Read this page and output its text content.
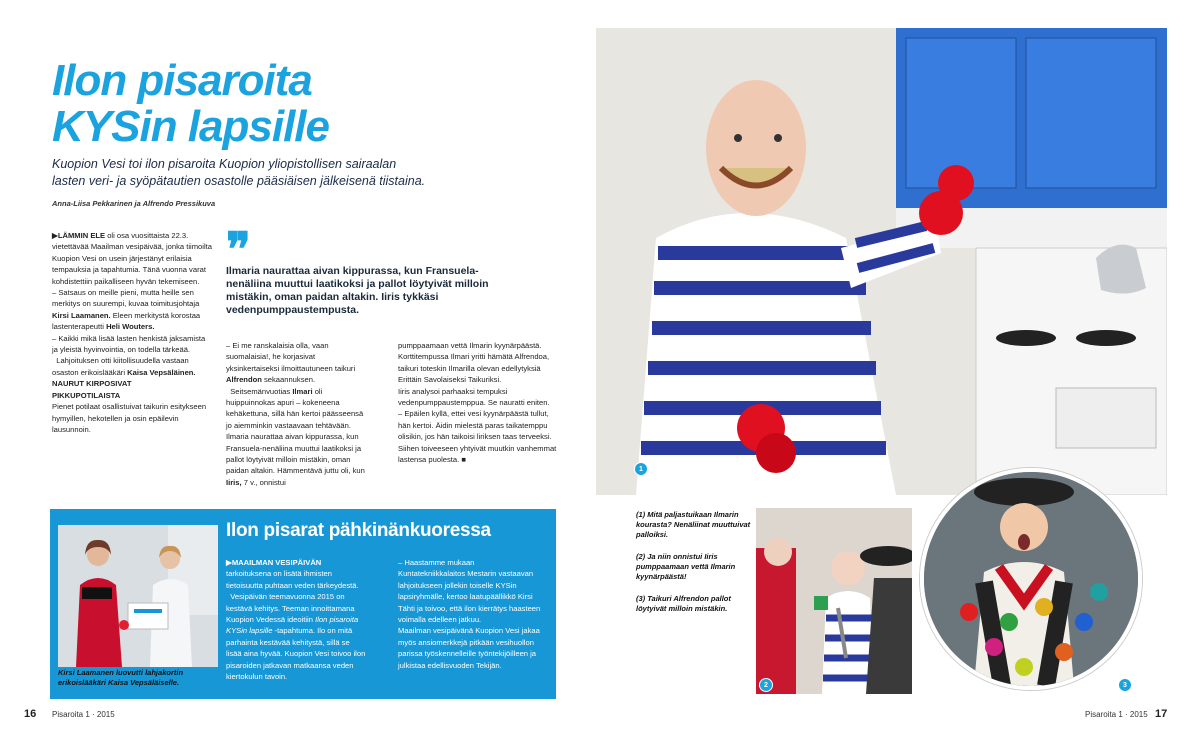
Ilon pisaroita
KYSin lapsille
Kuopion Vesi toi ilon pisaroita Kuopion yliopistollisen sairaalan lasten veri- ja syöpätautien osastolle pääsiäisen jälkeisenä tiistaina.
Anna-Liisa Pekkarinen ja Alfrendo Pressikuva

▶LÄMMIN ELE oli osa vuosittaista 22.3. vietettävää Maailman vesipäivää, jonka tiimoilta Kuopion Vesi on usein järjestänyt erilaisia tempauksia ja tapahtumia. Tänä vuonna varat kohdistettiin paikalliseen hyvän tekemiseen.

– Satsaus on meille pieni, mutta heille sen merkitys on suurempi, kuvaa toimitusjohtaja Kirsi Laamanen. Eleen merkitystä korostaa lastenterapeutti Heli Wouters.

– Kaikki mikä lisää lasten henkistä jaksamista ja yleistä hyvinvointia, on todella tärkeää.

Lahjoituksen otti kiitollisuudella vastaan osaston erikoislääkäri Kaisa Vepsäläinen.

NAURUT KIRPOSIVAT
PIKKUPOTILAISTA

Pienet potilaat osallistuivat taikurin esitykseen hymyillen, hekotellen ja osin epäilevin lausunnoin.

❞
Ilmaria naurattaa aivan kippurassa, kun Fransuela-nenäliina muuttui laatikoksi ja pallot löytyivät milloin mistäkin, oman paidan altakin. Iiris tykkäsi vedenpumppaustempusta.

– Ei me ranskalaisia olla, vaan suomalaisia!, he korjasivat yksinkertaiseksi ilmoittautuneen taikuri Alfrendon sekaannuksen.

Seitsemänvuotias Ilmari oli huippuinnokas apuri – kokeneena kehäkettuna, sillä hän kertoi päässeensä jo aiemminkin vastaavaan tehtävään. Ilmaria naurattaa aivan kippurassa, kun Fransuela-nenäliina muuttui laatikoksi ja pallot löytyivät milloin mistäkin, oman paidan altakin. Hämmentävä juttu oli, kun Iiris, 7 v., onnistui

pumppaamaan vettä Ilmarin kyynärpäästä.

Korttitempussa Ilmari yritti hämätä Alfrendoa, taikuri toteskin Ilmarilla olevan edellytyksiä Erittäin Savolaiseksi Taikuriksi.

Iiris analysoi parhaaksi tempuksi vedenpumppaustemppua. Se nauratti eniten.

– Epäilen kyllä, ettei vesi kyynärpäästä tullut, hän kertoi. Äidin mielestä paras taikatemppu olisikin, jos hän taikoisi liriksen taas terveeksi. Siihen toiveeseen yhtyivät muutkin vanhemmat lastensa puolesta. ■

Kirsi Laamanen luovutti lahjakortin erikoislääkäri Kaisa Vepsäläiselle.
Ilon pisarat pähkinänkuoressa

▶MAAILMAN VESIPÄIVÄN tarkoituksena on lisätä ihmisten tietoisuutta puhtaan veden tärkeydestä.

Vesipäivän teemavuonna 2015 on kestävä kehitys. Teeman innoittamana Kuopion Vedessä ideoitiin Ilon pisaroita KYSin lapsille -tapahtuma. Ilo on mitä parhainta kestävää kehitystä, sillä se lisää aina hyvää. Kuopion Vesi toivoo ilon pisaroiden jatkavan matkaansa veden kiertokulun tavoin.

– Haastamme mukaan Kuntatekniikkalaitos Mestarin vastaavan lahjoitukseen jollekin toiselle KYSin lapsiryhmälle, kertoo laatupäällikkö Kirsi Tähti ja toivoo, että ilon kierrätys haasteen voimalla edelleen jatkuu.

Maailman vesipäivänä Kuopion Vesi jakaa myös ansiomerkkejä pitkään vesihuollon parissa työskennelleille työntekijöilleen ja julkistaa edellisvuoden Tekijän.

1

(1) Mitä paljastuikaan Ilmarin kourasta? Nenäliinat muuttuivat palloiksi.

(2) Ja niin onnistui Iiris pumppaamaan vettä Ilmarin kyynärpäästä!

(3) Taikuri Alfrendon pallot löytyivät milloin mistäkin.

2	3
16 Pisaroita 1 · 2015	Pisaroita 1 · 2015 17
